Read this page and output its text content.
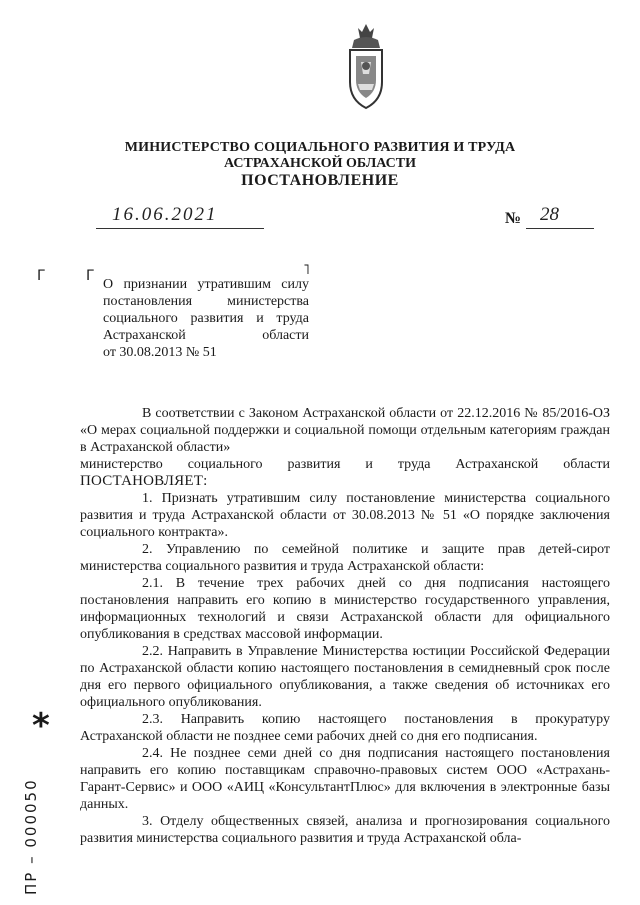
МИНИСТЕРСТВО СОЦИАЛЬНОГО РАЗВИТИЯ И ТРУДА
АСТРАХАНСКОЙ ОБЛАСТИ
ПОСТАНОВЛЕНИЕ
16.06.2021	№ 28
Г	Г	˥
О признании утратившим силу
постановления министерства
социального развития и труда
Астраханской области
от 30.08.2013 № 51

В соответствии с Законом Астраханской области от 22.12.2016 № 85/2016-ОЗ «О мерах социальной поддержки и социальной помощи отдельным категориям граждан в Астраханской области»

министерство социального развития и труда Астраханской области

ПОСТАНОВЛЯЕТ:

1. Признать утратившим силу постановление министерства социального развития и труда Астраханской области от 30.08.2013 № 51 «О порядке заключения социального контракта».

2. Управлению по семейной политике и защите прав детей-сирот министерства социального развития и труда Астраханской области:

2.1. В течение трех рабочих дней со дня подписания настоящего постановления направить его копию в министерство государственного управления, информационных технологий и связи Астраханской области для официального опубликования в средствах массовой информации.

2.2. Направить в Управление Министерства юстиции Российской Федерации по Астраханской области копию настоящего постановления в семидневный срок после дня его первого официального опубликования, а также сведения об источниках его официального опубликования.

2.3. Направить копию настоящего постановления в прокуратуру Астраханской области не позднее семи рабочих дней со дня его подписания.

2.4. Не позднее семи дней со дня подписания настоящего постановления направить его копию поставщикам справочно-правовых систем ООО «Астрахань-Гарант-Сервис» и ООО «АИЦ «КонсультантПлюс» для включения в электронные базы данных.

3. Отделу общественных связей, анализа и прогнозирования социального развития министерства социального развития и труда Астраханской обла-

*
ПР – 000050
